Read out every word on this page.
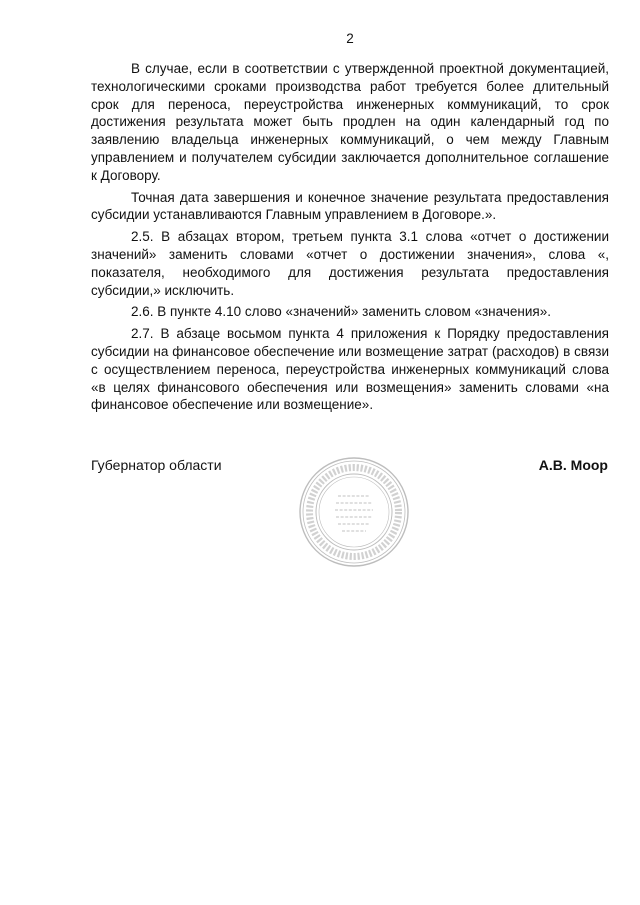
2

В случае, если в соответствии с утвержденной проектной документацией, технологическими сроками производства работ требуется более длительный срок для переноса, переустройства инженерных коммуникаций, то срок достижения результата может быть продлен на один календарный год по заявлению владельца инженерных коммуникаций, о чем между Главным управлением и получателем субсидии заключается дополнительное соглашение к Договору.

Точная дата завершения и конечное значение результата предоставления субсидии устанавливаются Главным управлением в Договоре.».

2.5. В абзацах втором, третьем пункта 3.1 слова «отчет о достижении значений» заменить словами «отчет о достижении значения», слова «, показателя, необходимого для достижения результата предоставления субсидии,» исключить.

2.6. В пункте 4.10 слово «значений» заменить словом «значения».

2.7. В абзаце восьмом пункта 4 приложения к Порядку предоставления субсидии на финансовое обеспечение или возмещение затрат (расходов) в связи с осуществлением переноса, переустройства инженерных коммуникаций слова «в целях финансового обеспечения или возмещения» заменить словами «на финансовое обеспечение или возмещение».

Губернатор области	А.В. Моор
